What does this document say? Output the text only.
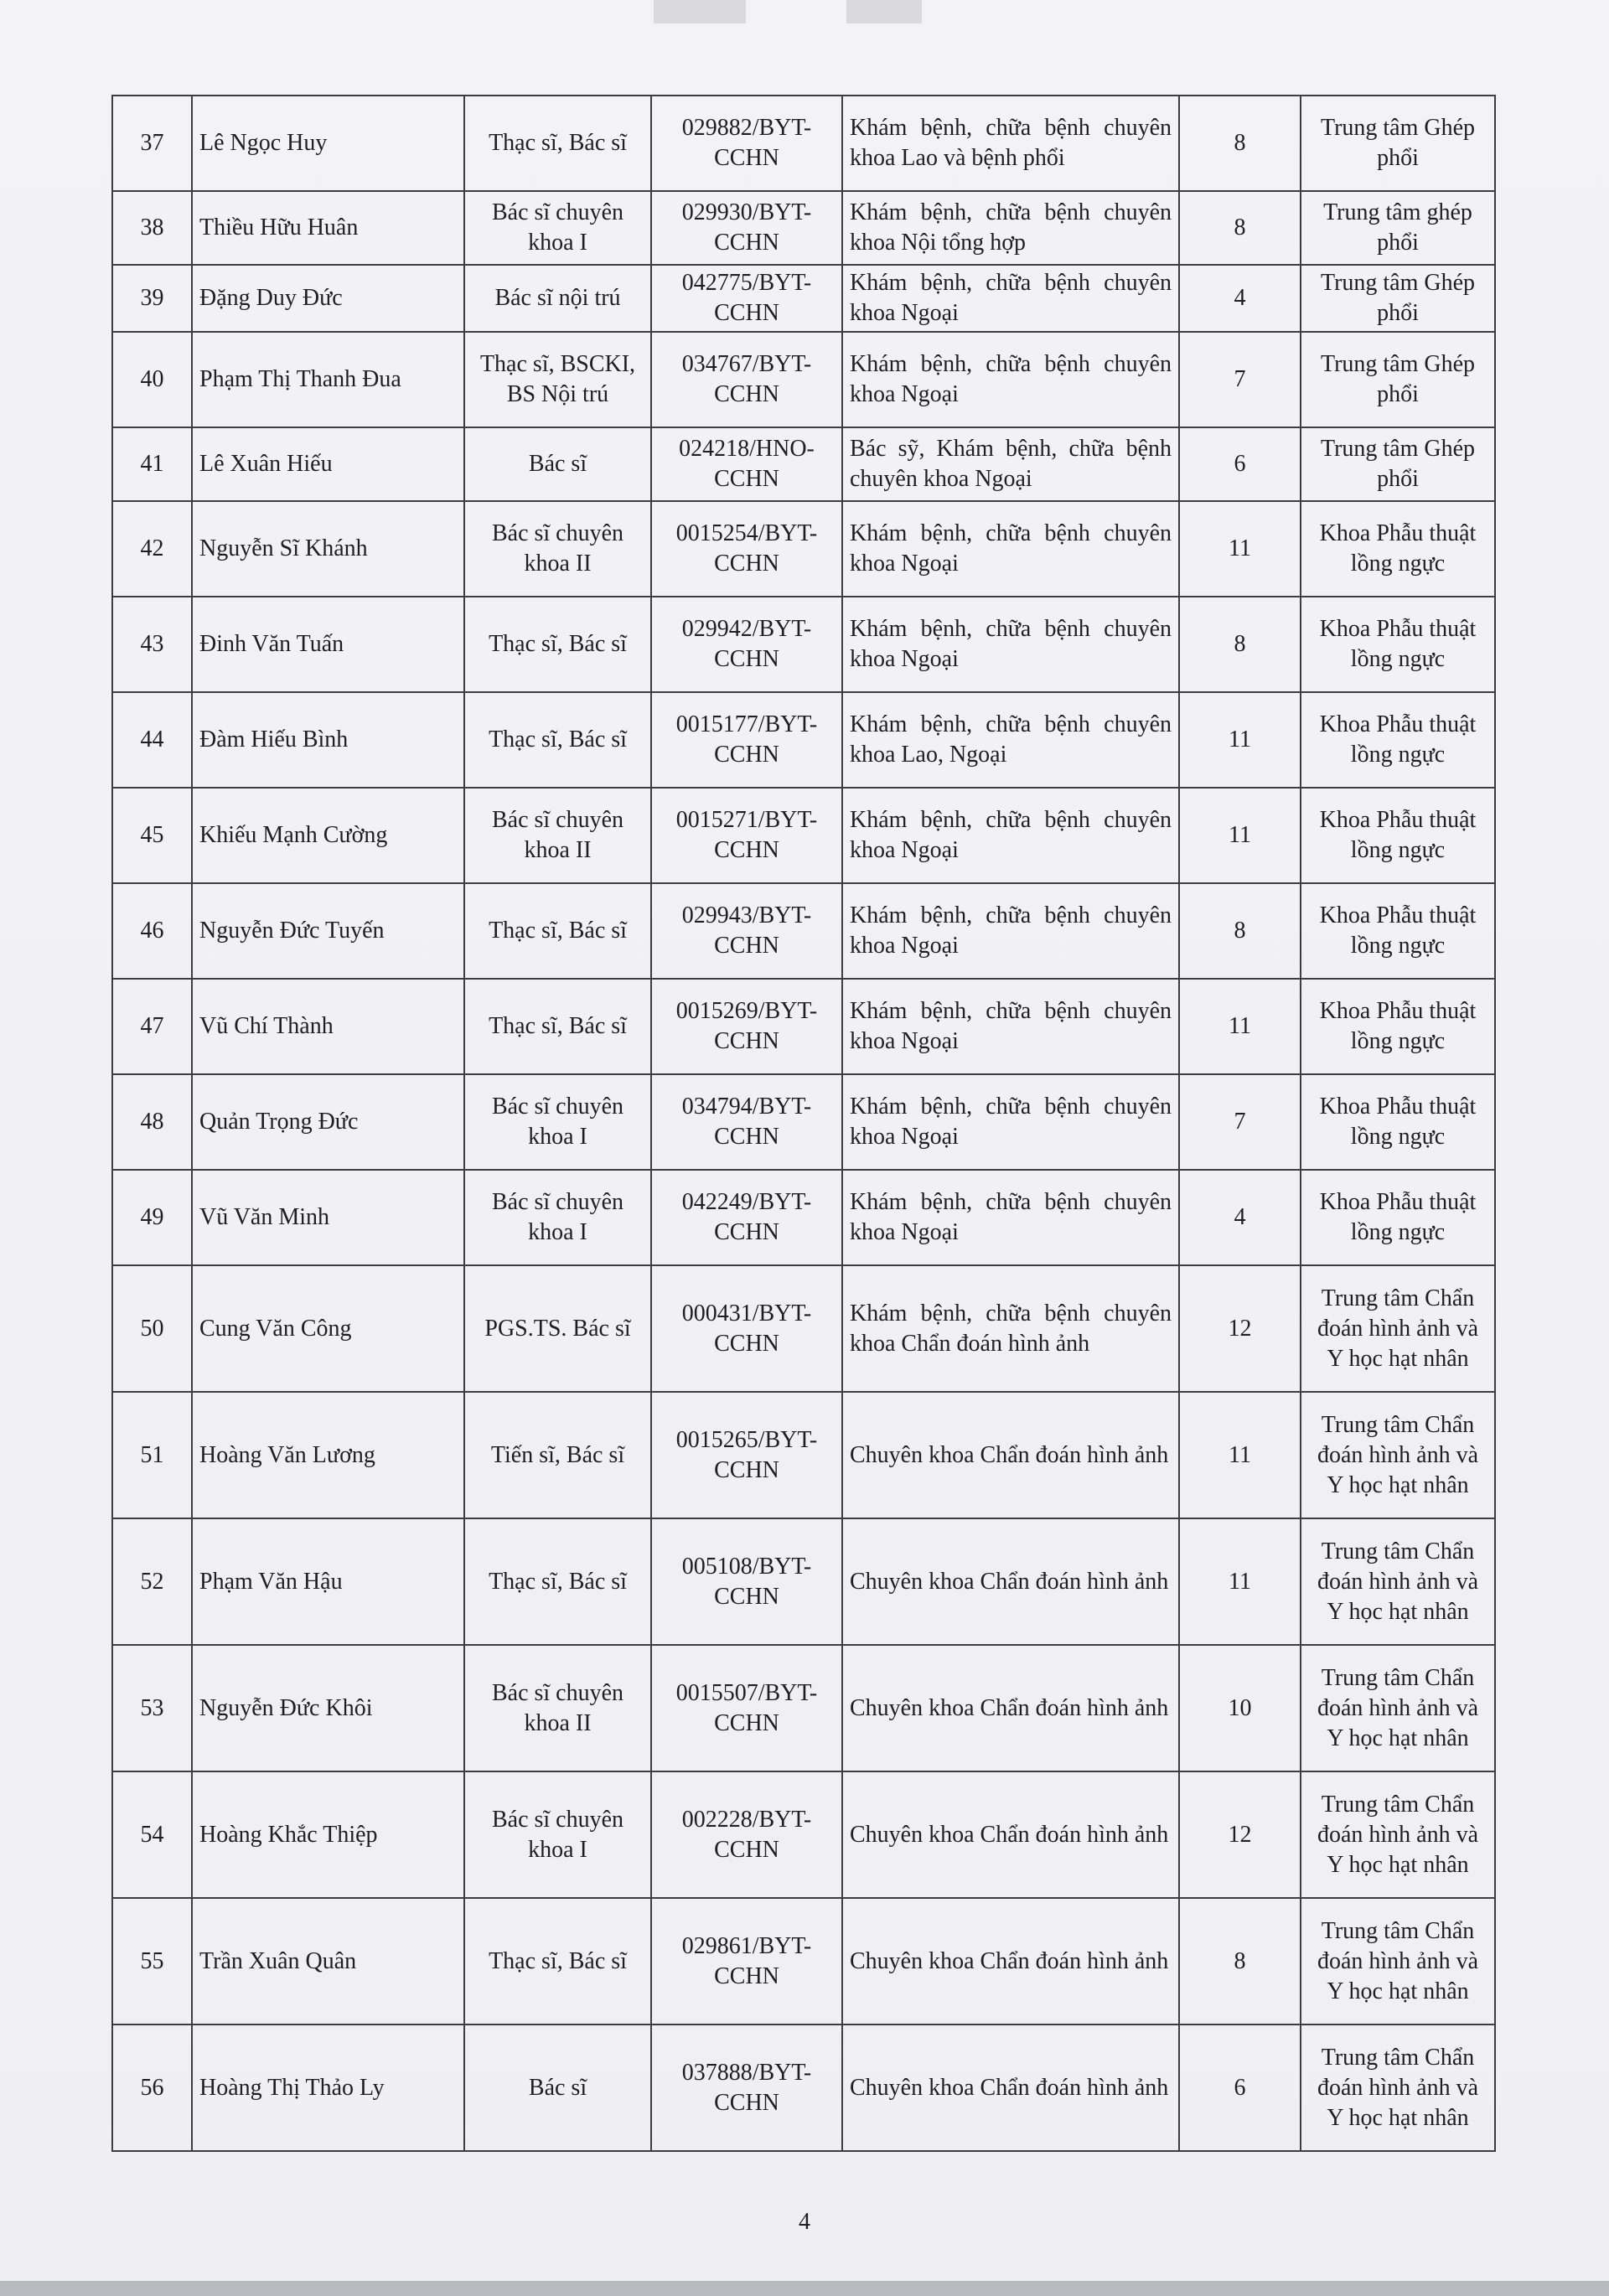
37	Lê Ngọc Huy	Thạc sĩ, Bác sĩ	029882/BYT-CCHN	Khám bệnh, chữa bệnh chuyên khoa Lao và bệnh phổi	8	Trung tâm Ghép phổi
38	Thiều Hữu Huân	Bác sĩ chuyên khoa I	029930/BYT-CCHN	Khám bệnh, chữa bệnh chuyên khoa Nội tổng hợp	8	Trung tâm ghép phổi
39	Đặng Duy Đức	Bác sĩ nội trú	042775/BYT-CCHN	Khám bệnh, chữa bệnh chuyên khoa Ngoại	4	Trung tâm Ghép phổi
40	Phạm Thị Thanh Đua	Thạc sĩ, BSCKI, BS Nội trú	034767/BYT-CCHN	Khám bệnh, chữa bệnh chuyên khoa Ngoại	7	Trung tâm Ghép phổi
41	Lê Xuân Hiếu	Bác sĩ	024218/HNO-CCHN	Bác sỹ, Khám bệnh, chữa bệnh chuyên khoa Ngoại	6	Trung tâm Ghép phổi
42	Nguyễn Sĩ Khánh	Bác sĩ chuyên khoa II	0015254/BYT-CCHN	Khám bệnh, chữa bệnh chuyên khoa Ngoại	11	Khoa Phẫu thuật lồng ngực
43	Đinh Văn Tuấn	Thạc sĩ, Bác sĩ	029942/BYT-CCHN	Khám bệnh, chữa bệnh chuyên khoa Ngoại	8	Khoa Phẫu thuật lồng ngực
44	Đàm Hiếu Bình	Thạc sĩ, Bác sĩ	0015177/BYT-CCHN	Khám bệnh, chữa bệnh chuyên khoa Lao, Ngoại	11	Khoa Phẫu thuật lồng ngực
45	Khiếu Mạnh Cường	Bác sĩ chuyên khoa II	0015271/BYT-CCHN	Khám bệnh, chữa bệnh chuyên khoa Ngoại	11	Khoa Phẫu thuật lồng ngực
46	Nguyễn Đức Tuyến	Thạc sĩ, Bác sĩ	029943/BYT-CCHN	Khám bệnh, chữa bệnh chuyên khoa Ngoại	8	Khoa Phẫu thuật lồng ngực
47	Vũ Chí Thành	Thạc sĩ, Bác sĩ	0015269/BYT-CCHN	Khám bệnh, chữa bệnh chuyên khoa Ngoại	11	Khoa Phẫu thuật lồng ngực
48	Quản Trọng Đức	Bác sĩ chuyên khoa I	034794/BYT-CCHN	Khám bệnh, chữa bệnh chuyên khoa Ngoại	7	Khoa Phẫu thuật lồng ngực
49	Vũ Văn Minh	Bác sĩ chuyên khoa I	042249/BYT-CCHN	Khám bệnh, chữa bệnh chuyên khoa Ngoại	4	Khoa Phẫu thuật lồng ngực
50	Cung Văn Công	PGS.TS. Bác sĩ	000431/BYT-CCHN	Khám bệnh, chữa bệnh chuyên khoa Chẩn đoán hình ảnh	12	Trung tâm Chẩn đoán hình ảnh và Y học hạt nhân
51	Hoàng Văn Lương	Tiến sĩ, Bác sĩ	0015265/BYT-CCHN	Chuyên khoa Chẩn đoán hình ảnh	11	Trung tâm Chẩn đoán hình ảnh và Y học hạt nhân
52	Phạm Văn Hậu	Thạc sĩ, Bác sĩ	005108/BYT-CCHN	Chuyên khoa Chẩn đoán hình ảnh	11	Trung tâm Chẩn đoán hình ảnh và Y học hạt nhân
53	Nguyễn Đức Khôi	Bác sĩ chuyên khoa II	0015507/BYT-CCHN	Chuyên khoa Chẩn đoán hình ảnh	10	Trung tâm Chẩn đoán hình ảnh và Y học hạt nhân
54	Hoàng Khắc Thiệp	Bác sĩ chuyên khoa I	002228/BYT-CCHN	Chuyên khoa Chẩn đoán hình ảnh	12	Trung tâm Chẩn đoán hình ảnh và Y học hạt nhân
55	Trần Xuân Quân	Thạc sĩ, Bác sĩ	029861/BYT-CCHN	Chuyên khoa Chẩn đoán hình ảnh	8	Trung tâm Chẩn đoán hình ảnh và Y học hạt nhân
56	Hoàng Thị Thảo Ly	Bác sĩ	037888/BYT-CCHN	Chuyên khoa Chẩn đoán hình ảnh	6	Trung tâm Chẩn đoán hình ảnh và Y học hạt nhân
4
